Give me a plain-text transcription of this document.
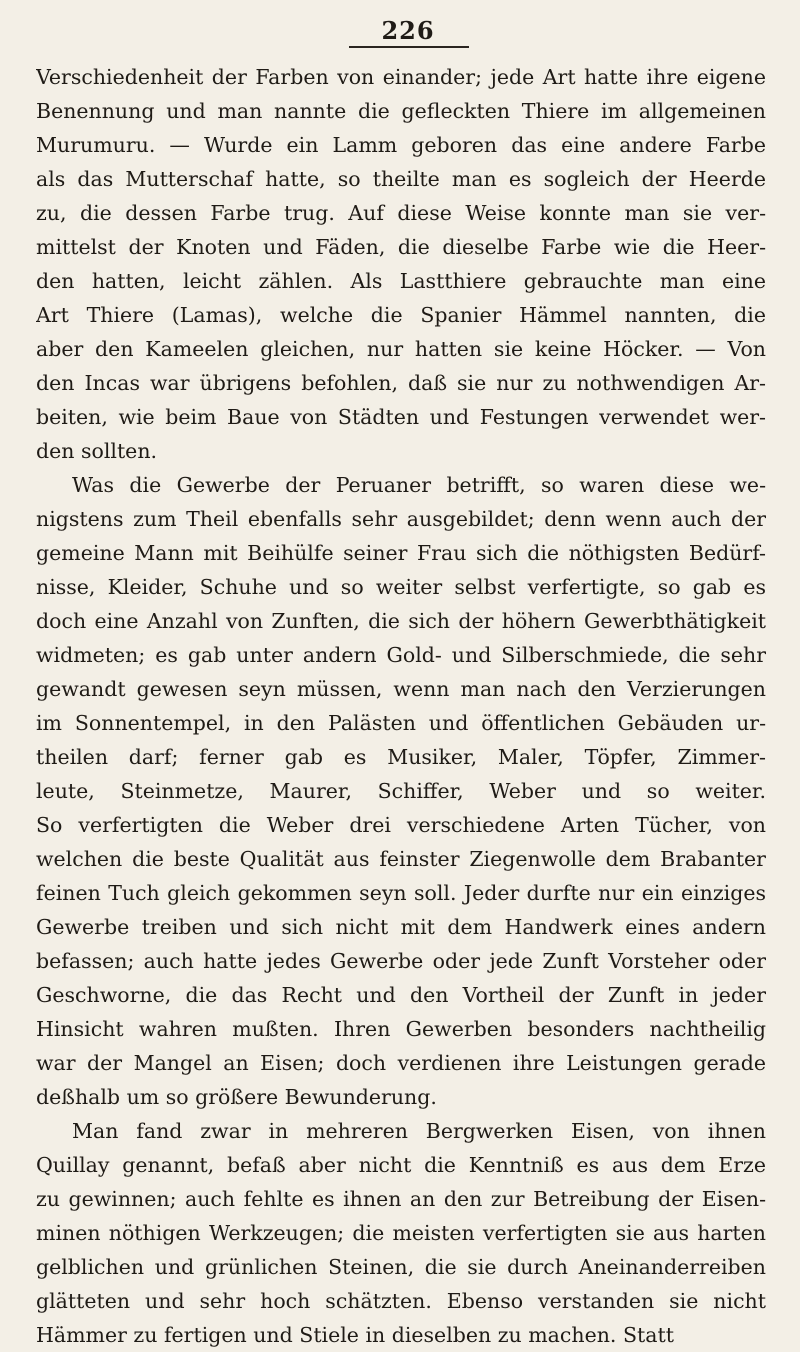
226
Verschiedenheit der Farben von einander; jede Art hatte ihre eigene
Benennung und man nannte die gefleckten Thiere im allgemeinen
Murumuru. — Wurde ein Lamm geboren das eine andere Farbe
als das Mutterschaf hatte, so theilte man es sogleich der Heerde
zu, die dessen Farbe trug. Auf diese Weise konnte man sie ver-
mittelst der Knoten und Fäden, die dieselbe Farbe wie die Heer-
den hatten, leicht zählen. Als Lastthiere gebrauchte man eine
Art Thiere (Lamas), welche die Spanier Hämmel nannten, die
aber den Kameelen gleichen, nur hatten sie keine Höcker. — Von
den Incas war übrigens befohlen, daß sie nur zu nothwendigen Ar-
beiten, wie beim Baue von Städten und Festungen verwendet wer-
den sollten.
Was die Gewerbe der Peruaner betrifft, so waren diese we-
nigstens zum Theil ebenfalls sehr ausgebildet; denn wenn auch der
gemeine Mann mit Beihülfe seiner Frau sich die nöthigsten Bedürf-
nisse, Kleider, Schuhe und so weiter selbst verfertigte, so gab es
doch eine Anzahl von Zunften, die sich der höhern Gewerbthätigkeit
widmeten; es gab unter andern Gold- und Silberschmiede, die sehr
gewandt gewesen seyn müssen, wenn man nach den Verzierungen
im Sonnentempel, in den Palästen und öffentlichen Gebäuden ur-
theilen darf; ferner gab es Musiker, Maler, Töpfer, Zimmer-
leute, Steinmetze, Maurer, Schiffer, Weber und so weiter.
So verfertigten die Weber drei verschiedene Arten Tücher, von
welchen die beste Qualität aus feinster Ziegenwolle dem Brabanter
feinen Tuch gleich gekommen seyn soll. Jeder durfte nur ein einziges
Gewerbe treiben und sich nicht mit dem Handwerk eines andern
befassen; auch hatte jedes Gewerbe oder jede Zunft Vorsteher oder
Geschworne, die das Recht und den Vortheil der Zunft in jeder
Hinsicht wahren mußten. Ihren Gewerben besonders nachtheilig
war der Mangel an Eisen; doch verdienen ihre Leistungen gerade
deßhalb um so größere Bewunderung.
Man fand zwar in mehreren Bergwerken Eisen, von ihnen
Quillay genannt, befaß aber nicht die Kenntniß es aus dem Erze
zu gewinnen; auch fehlte es ihnen an den zur Betreibung der Eisen-
minen nöthigen Werkzeugen; die meisten verfertigten sie aus harten
gelblichen und grünlichen Steinen, die sie durch Aneinanderreiben
glätteten und sehr hoch schätzten. Ebenso verstanden sie nicht
Hämmer zu fertigen und Stiele in dieselben zu machen. Statt
